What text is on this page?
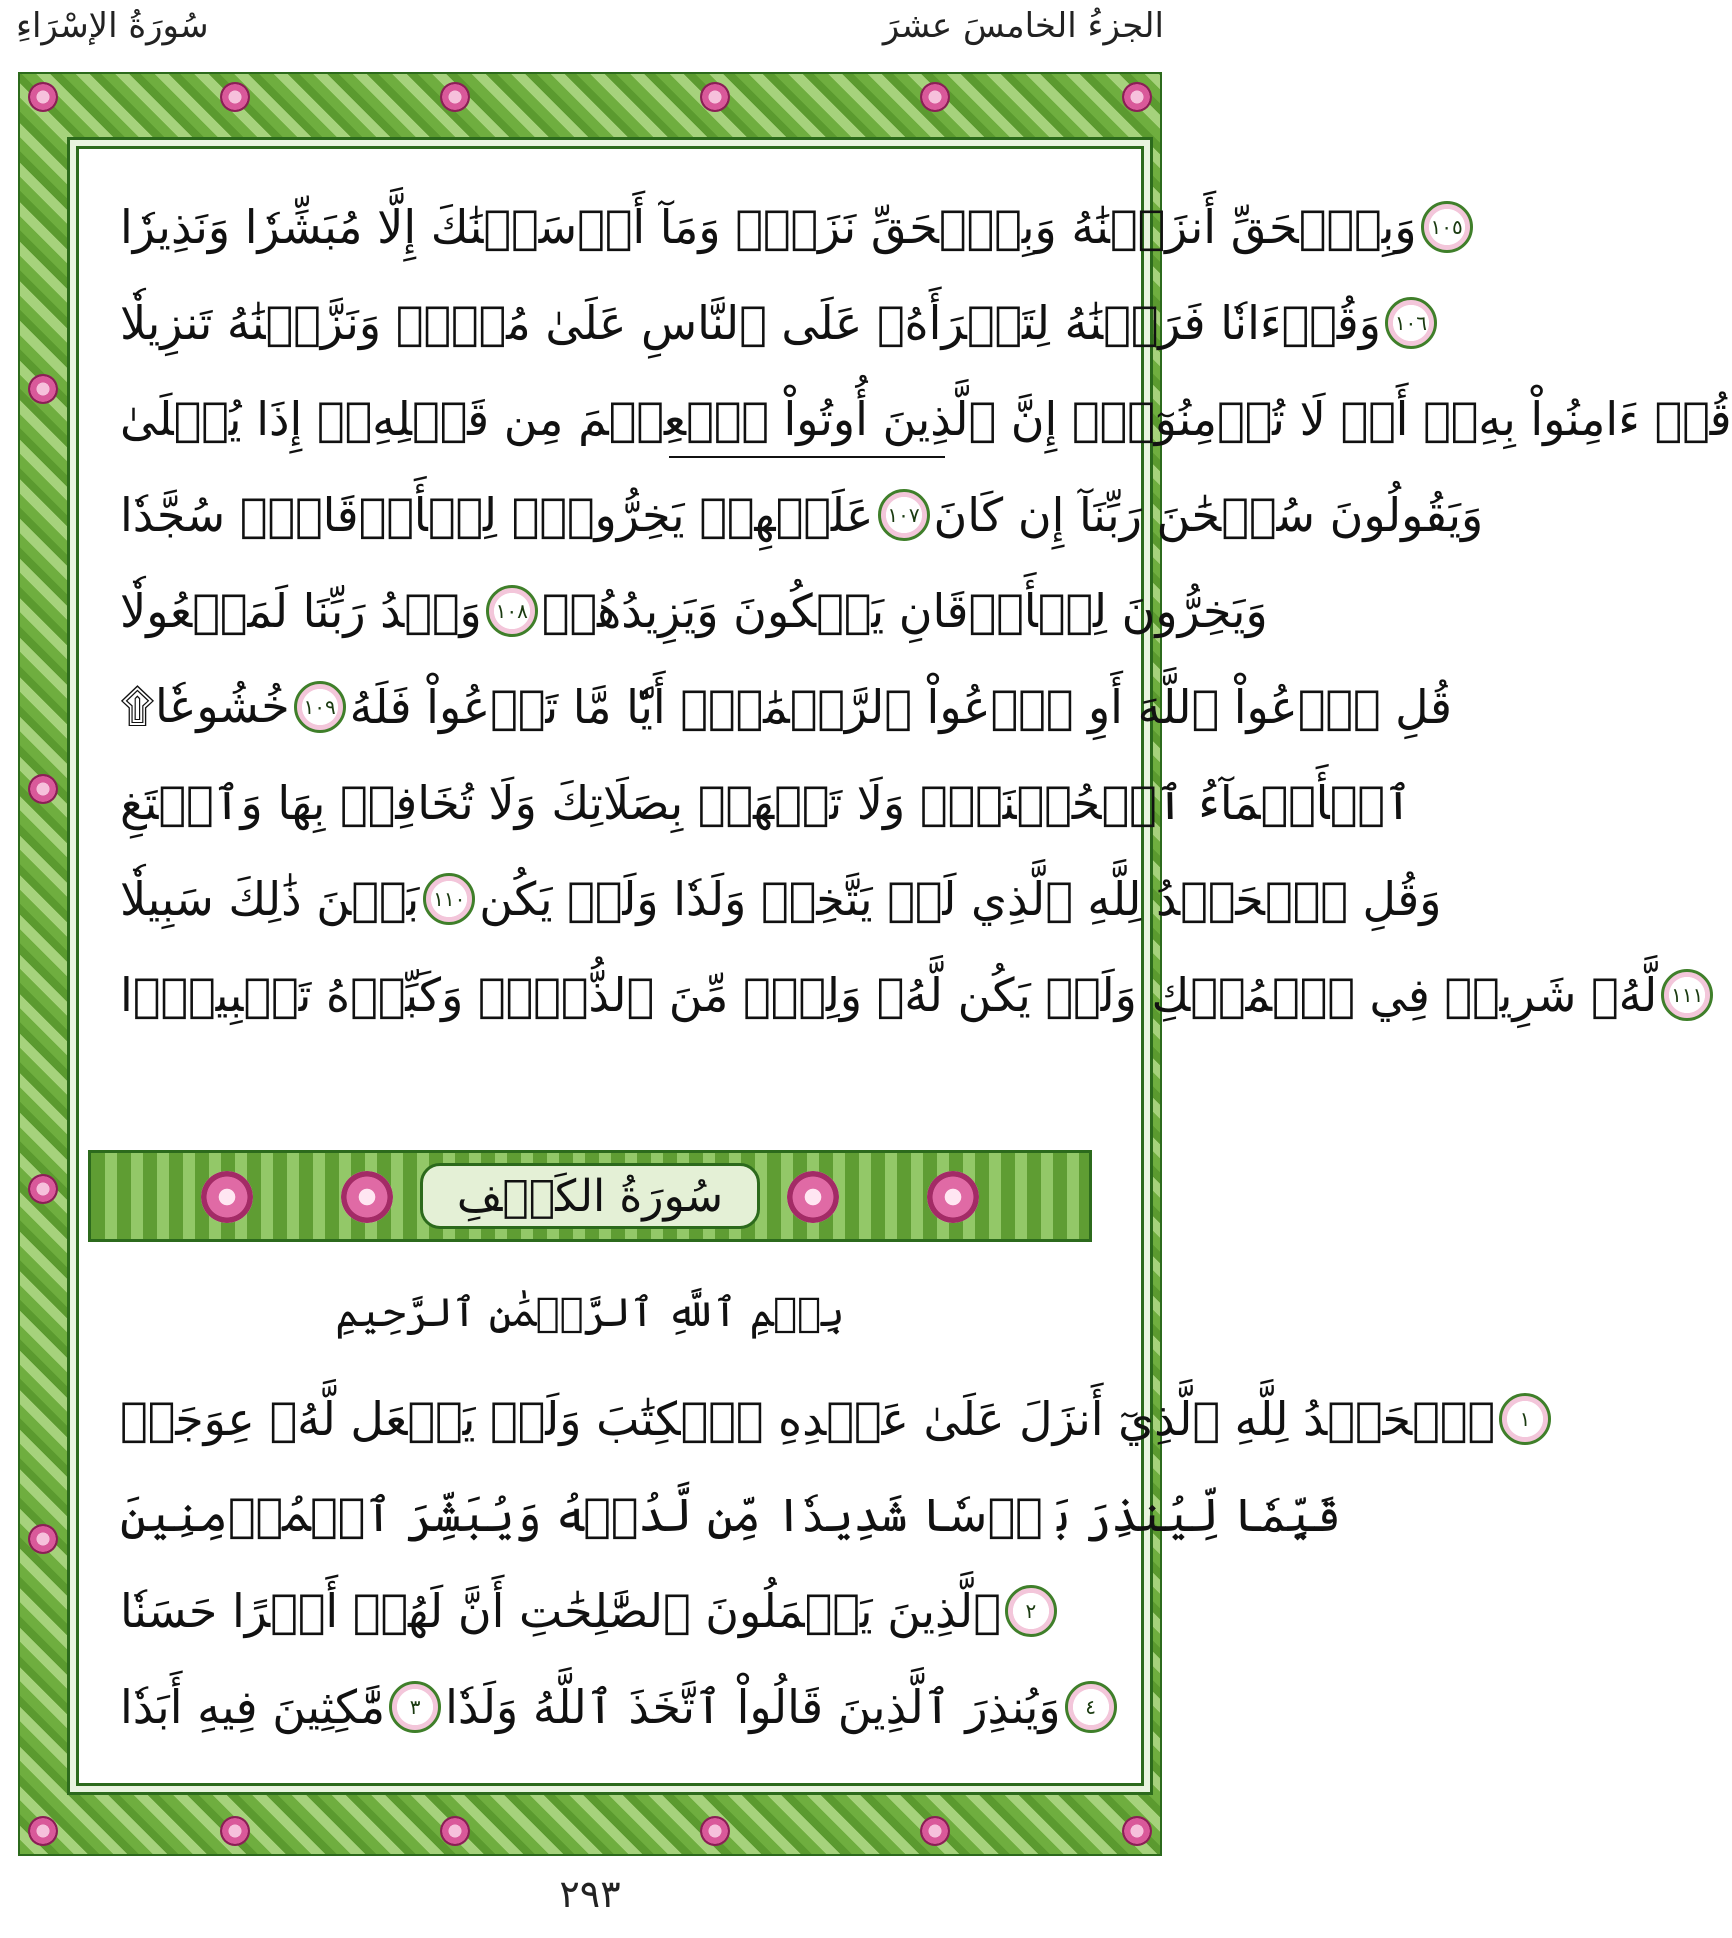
الجزءُ الخامسَ عشرَ
سُورَةُ الإسْرَاءِ
وَبِٱلۡحَقِّ أَنزَلۡنَٰهُ وَبِٱلۡحَقِّ نَزَلَۗ وَمَآ أَرۡسَلۡنَٰكَ إِلَّا مُبَشِّرٗا وَنَذِيرٗا ١٠٥
وَقُرۡءَانٗا فَرَقۡنَٰهُ لِتَقۡرَأَهُۥ عَلَى ٱلنَّاسِ عَلَىٰ مُكۡثٖ وَنَزَّلۡنَٰهُ تَنزِيلٗا ١٠٦
قُلۡ ءَامِنُواْ بِهِۦٓ أَوۡ لَا تُؤۡمِنُوٓاْۚ إِنَّ ٱلَّذِينَ أُوتُواْ ٱلۡعِلۡمَ مِن قَبۡلِهِۦٓ إِذَا يُتۡلَىٰ
عَلَيۡهِمۡ يَخِرُّونَۤ لِلۡأَذۡقَانِۤ سُجَّدٗا ١٠٧ وَيَقُولُونَ سُبۡحَٰنَ رَبِّنَآ إِن كَانَ
وَعۡدُ رَبِّنَا لَمَفۡعُولٗا ١٠٨ وَيَخِرُّونَ لِلۡأَذۡقَانِ يَبۡكُونَ وَيَزِيدُهُمۡ
خُشُوعٗا۩ ١٠٩ قُلِ ٱدۡعُواْ ٱللَّهَ أَوِ ٱدۡعُواْ ٱلرَّحۡمَٰنَۖ أَيّٗا مَّا تَدۡعُواْ فَلَهُ
ٱلۡأَسۡمَآءُ ٱلۡحُسۡنَىٰۚ وَلَا تَجۡهَرۡ بِصَلَاتِكَ وَلَا تُخَافِتۡ بِهَا وَٱبۡتَغِ
بَيۡنَ ذَٰلِكَ سَبِيلٗا ١١٠ وَقُلِ ٱلۡحَمۡدُ لِلَّهِ ٱلَّذِي لَمۡ يَتَّخِذۡ وَلَدٗا وَلَمۡ يَكُن
لَّهُۥ شَرِيكٞ فِي ٱلۡمُلۡكِ وَلَمۡ يَكُن لَّهُۥ وَلِيّٞ مِّنَ ٱلذُّلِّۖ وَكَبِّرۡهُ تَكۡبِيرَۢا ١١١
سُورَةُ الكَهۡفِ
بِسۡمِ ٱللَّهِ ٱلرَّحۡمَٰنِ ٱلرَّحِيمِ
ٱلۡحَمۡدُ لِلَّهِ ٱلَّذِيٓ أَنزَلَ عَلَىٰ عَبۡدِهِ ٱلۡكِتَٰبَ وَلَمۡ يَجۡعَل لَّهُۥ عِوَجَاۜ	١
قَيِّمٗا لِّيُنذِرَ بَأۡسٗا شَدِيدٗا مِّن لَّدُنۡهُ وَيُبَشِّرَ ٱلۡمُؤۡمِنِينَ
ٱلَّذِينَ يَعۡمَلُونَ ٱلصَّٰلِحَٰتِ أَنَّ لَهُمۡ أَجۡرًا حَسَنٗا	٢
مَّٰكِثِينَ فِيهِ أَبَدٗا	٣ وَيُنذِرَ ٱلَّذِينَ قَالُواْ ٱتَّخَذَ ٱللَّهُ وَلَدٗا	٤
٢٩٣
